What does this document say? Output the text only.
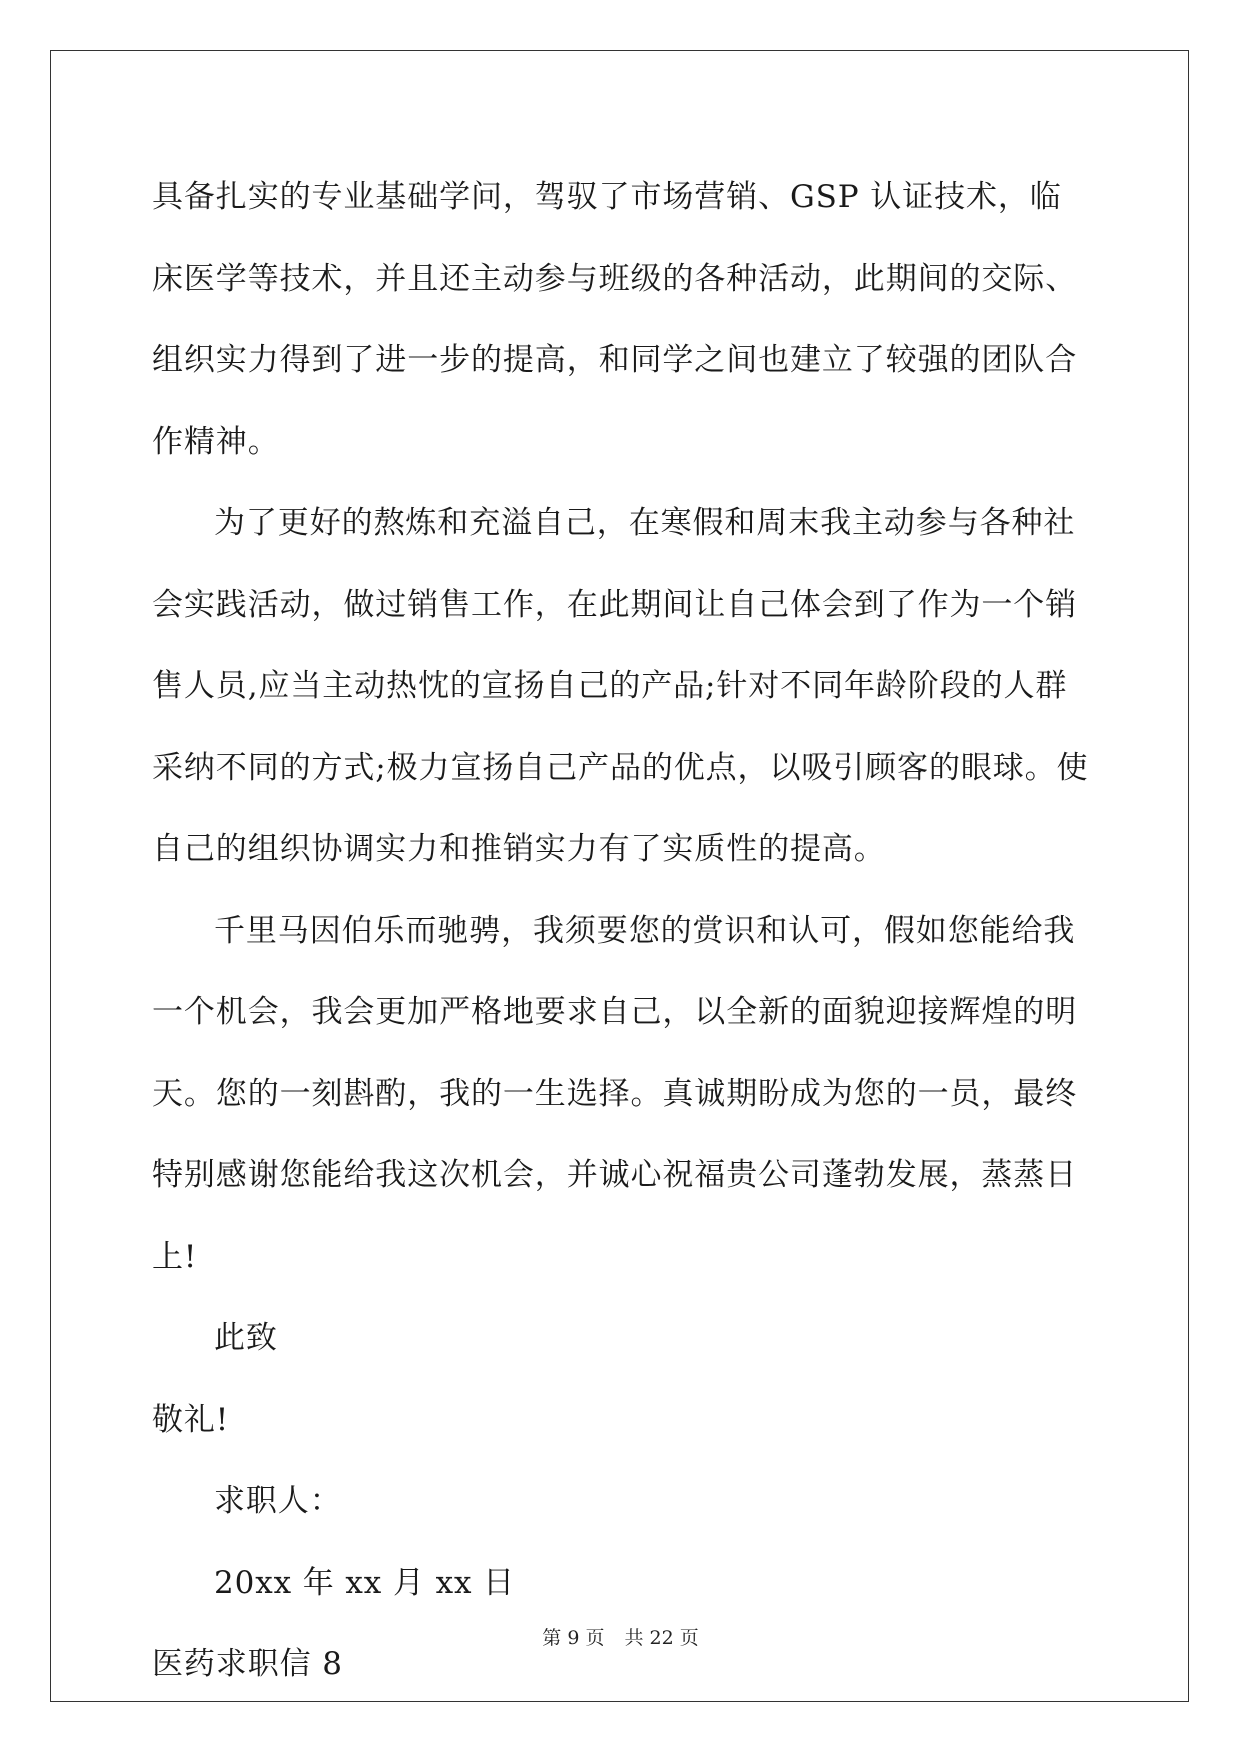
具备扎实的专业基础学问，驾驭了市场营销、GSP 认证技术，临床医学等技术，并且还主动参与班级的各种活动，此期间的交际、组织实力得到了进一步的提高，和同学之间也建立了较强的团队合作精神。

为了更好的熬炼和充溢自己，在寒假和周末我主动参与各种社会实践活动，做过销售工作，在此期间让自己体会到了作为一个销售人员,应当主动热忱的宣扬自己的产品;针对不同年龄阶段的人群采纳不同的方式;极力宣扬自己产品的优点，以吸引顾客的眼球。使自己的组织协调实力和推销实力有了实质性的提高。

千里马因伯乐而驰骋，我须要您的赏识和认可，假如您能给我一个机会，我会更加严格地要求自己，以全新的面貌迎接辉煌的明天。您的一刻斟酌，我的一生选择。真诚期盼成为您的一员，最终特别感谢您能给我这次机会，并诚心祝福贵公司蓬勃发展，蒸蒸日上!

此致

敬礼!

求职人：

20xx 年 xx 月 xx 日

医药求职信 8

第 9 页 共 22 页
